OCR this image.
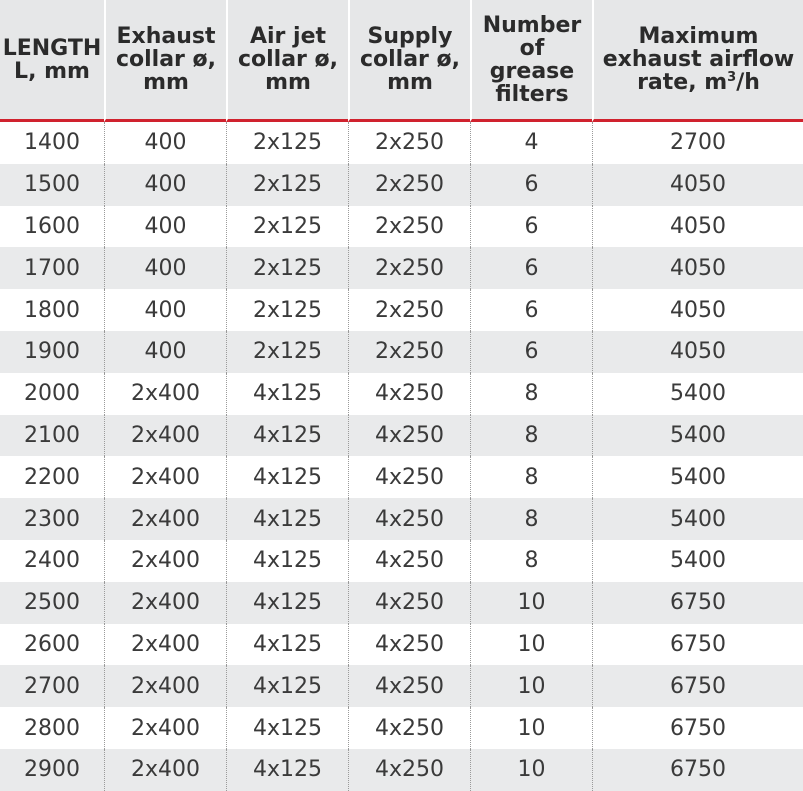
LENGTH
L, mm	Exhaust
collar ø,
mm	Air jet
collar ø,
mm	Supply
collar ø,
mm	Number
of
grease
filters	Maximum
exhaust airflow
rate, $m^3/h$

1400	400	2x125	2x250	4	2700
1500	400	2x125	2x250	6	4050
1600	400	2x125	2x250	6	4050
1700	400	2x125	2x250	6	4050
1800	400	2x125	2x250	6	4050
1900	400	2x125	2x250	6	4050
2000	2x400	4x125	4x250	8	5400
2100	2x400	4x125	4x250	8	5400
2200	2x400	4x125	4x250	8	5400
2300	2x400	4x125	4x250	8	5400
2400	2x400	4x125	4x250	8	5400
2500	2x400	4x125	4x250	10	6750
2600	2x400	4x125	4x250	10	6750
2700	2x400	4x125	4x250	10	6750
2800	2x400	4x125	4x250	10	6750
2900	2x400	4x125	4x250	10	6750
